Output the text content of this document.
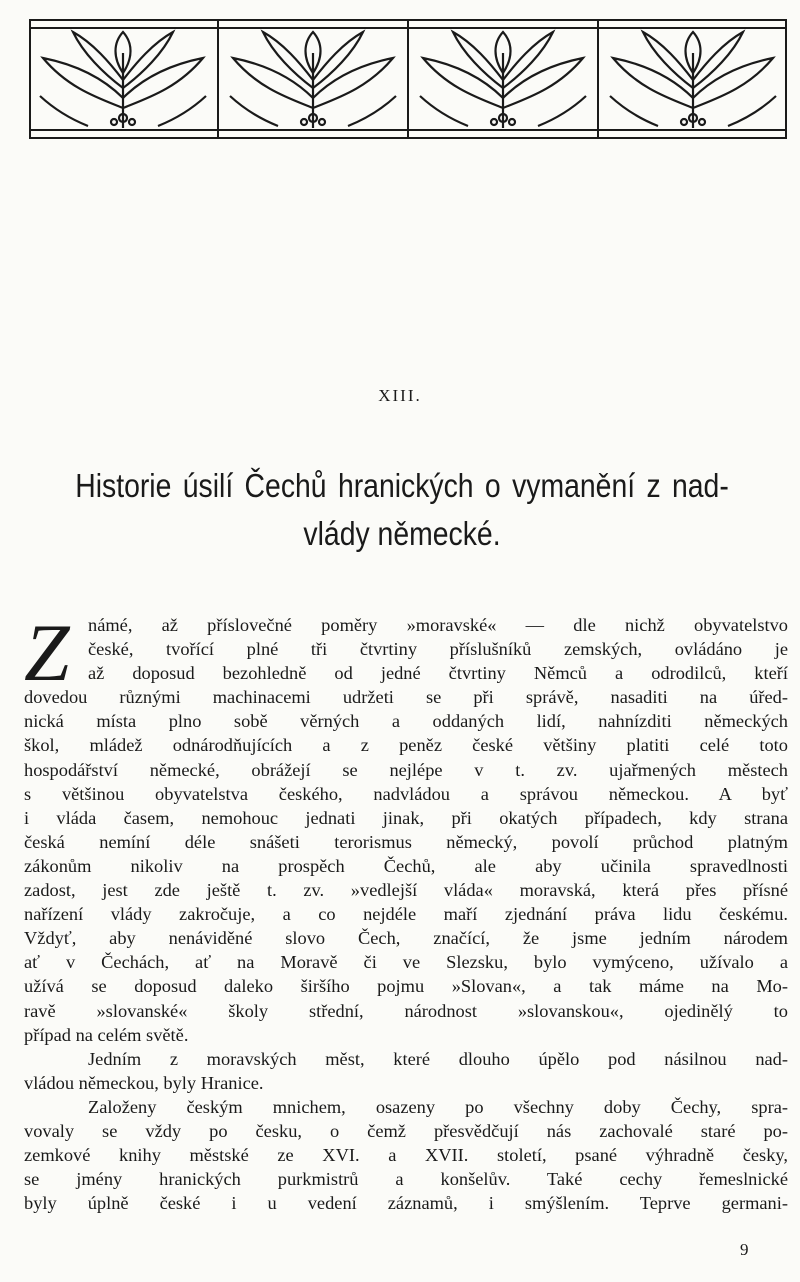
XIII.
Historie úsilí Čechů hranických o vymanění z nad-
vlády německé.
Z námé, až příslovečné poměry »moravské« — dle nichž obyvatelstvo
české, tvořící plné tři čtvrtiny příslušníků zemských, ovládáno je
až doposud bezohledně od jedné čtvrtiny Němců a odrodilců, kteří
dovedou různými machinacemi udržeti se při správě, nasaditi na úřed-
nická místa plno sobě věrných a oddaných lidí, nahnízditi německých
škol, mládež odnárodňujících a z peněz české většiny platiti celé toto
hospodářství německé, obrážejí se nejlépe v t. zv. ujařmených městech
s většinou obyvatelstva českého, nadvládou a správou německou. A byť
i vláda časem, nemohouc jednati jinak, při okatých případech, kdy strana
česká nemíní déle snášeti terorismus německý, povolí průchod platným
zákonům nikoliv na prospěch Čechů, ale aby učinila spravedlnosti
zadost, jest zde ještě t. zv. »vedlejší vláda« moravská, která přes přísné
nařízení vlády zakročuje, a co nejdéle maří zjednání práva lidu českému.
Vždyť, aby nenáviděné slovo Čech, značící, že jsme jedním národem
ať v Čechách, ať na Moravě či ve Slezsku, bylo vymýceno, užívalo a
užívá se doposud daleko širšího pojmu »Slovan«, a tak máme na Mo-
ravě »slovanské« školy střední, národnost »slovanskou«, ojedinělý to
případ na celém světě.
Jedním z moravských měst, které dlouho úpělo pod násilnou nad-
vládou německou, byly Hranice.
Založeny českým mnichem, osazeny po všechny doby Čechy, spra-
vovaly se vždy po česku, o čemž přesvědčují nás zachovalé staré po-
zemkové knihy městské ze XVI. a XVII. století, psané výhradně česky,
se jmény hranických purkmistrů a konšelův. Také cechy řemeslnické
byly úplně české i u vedení záznamů, i smýšlením. Teprve germani-
9
